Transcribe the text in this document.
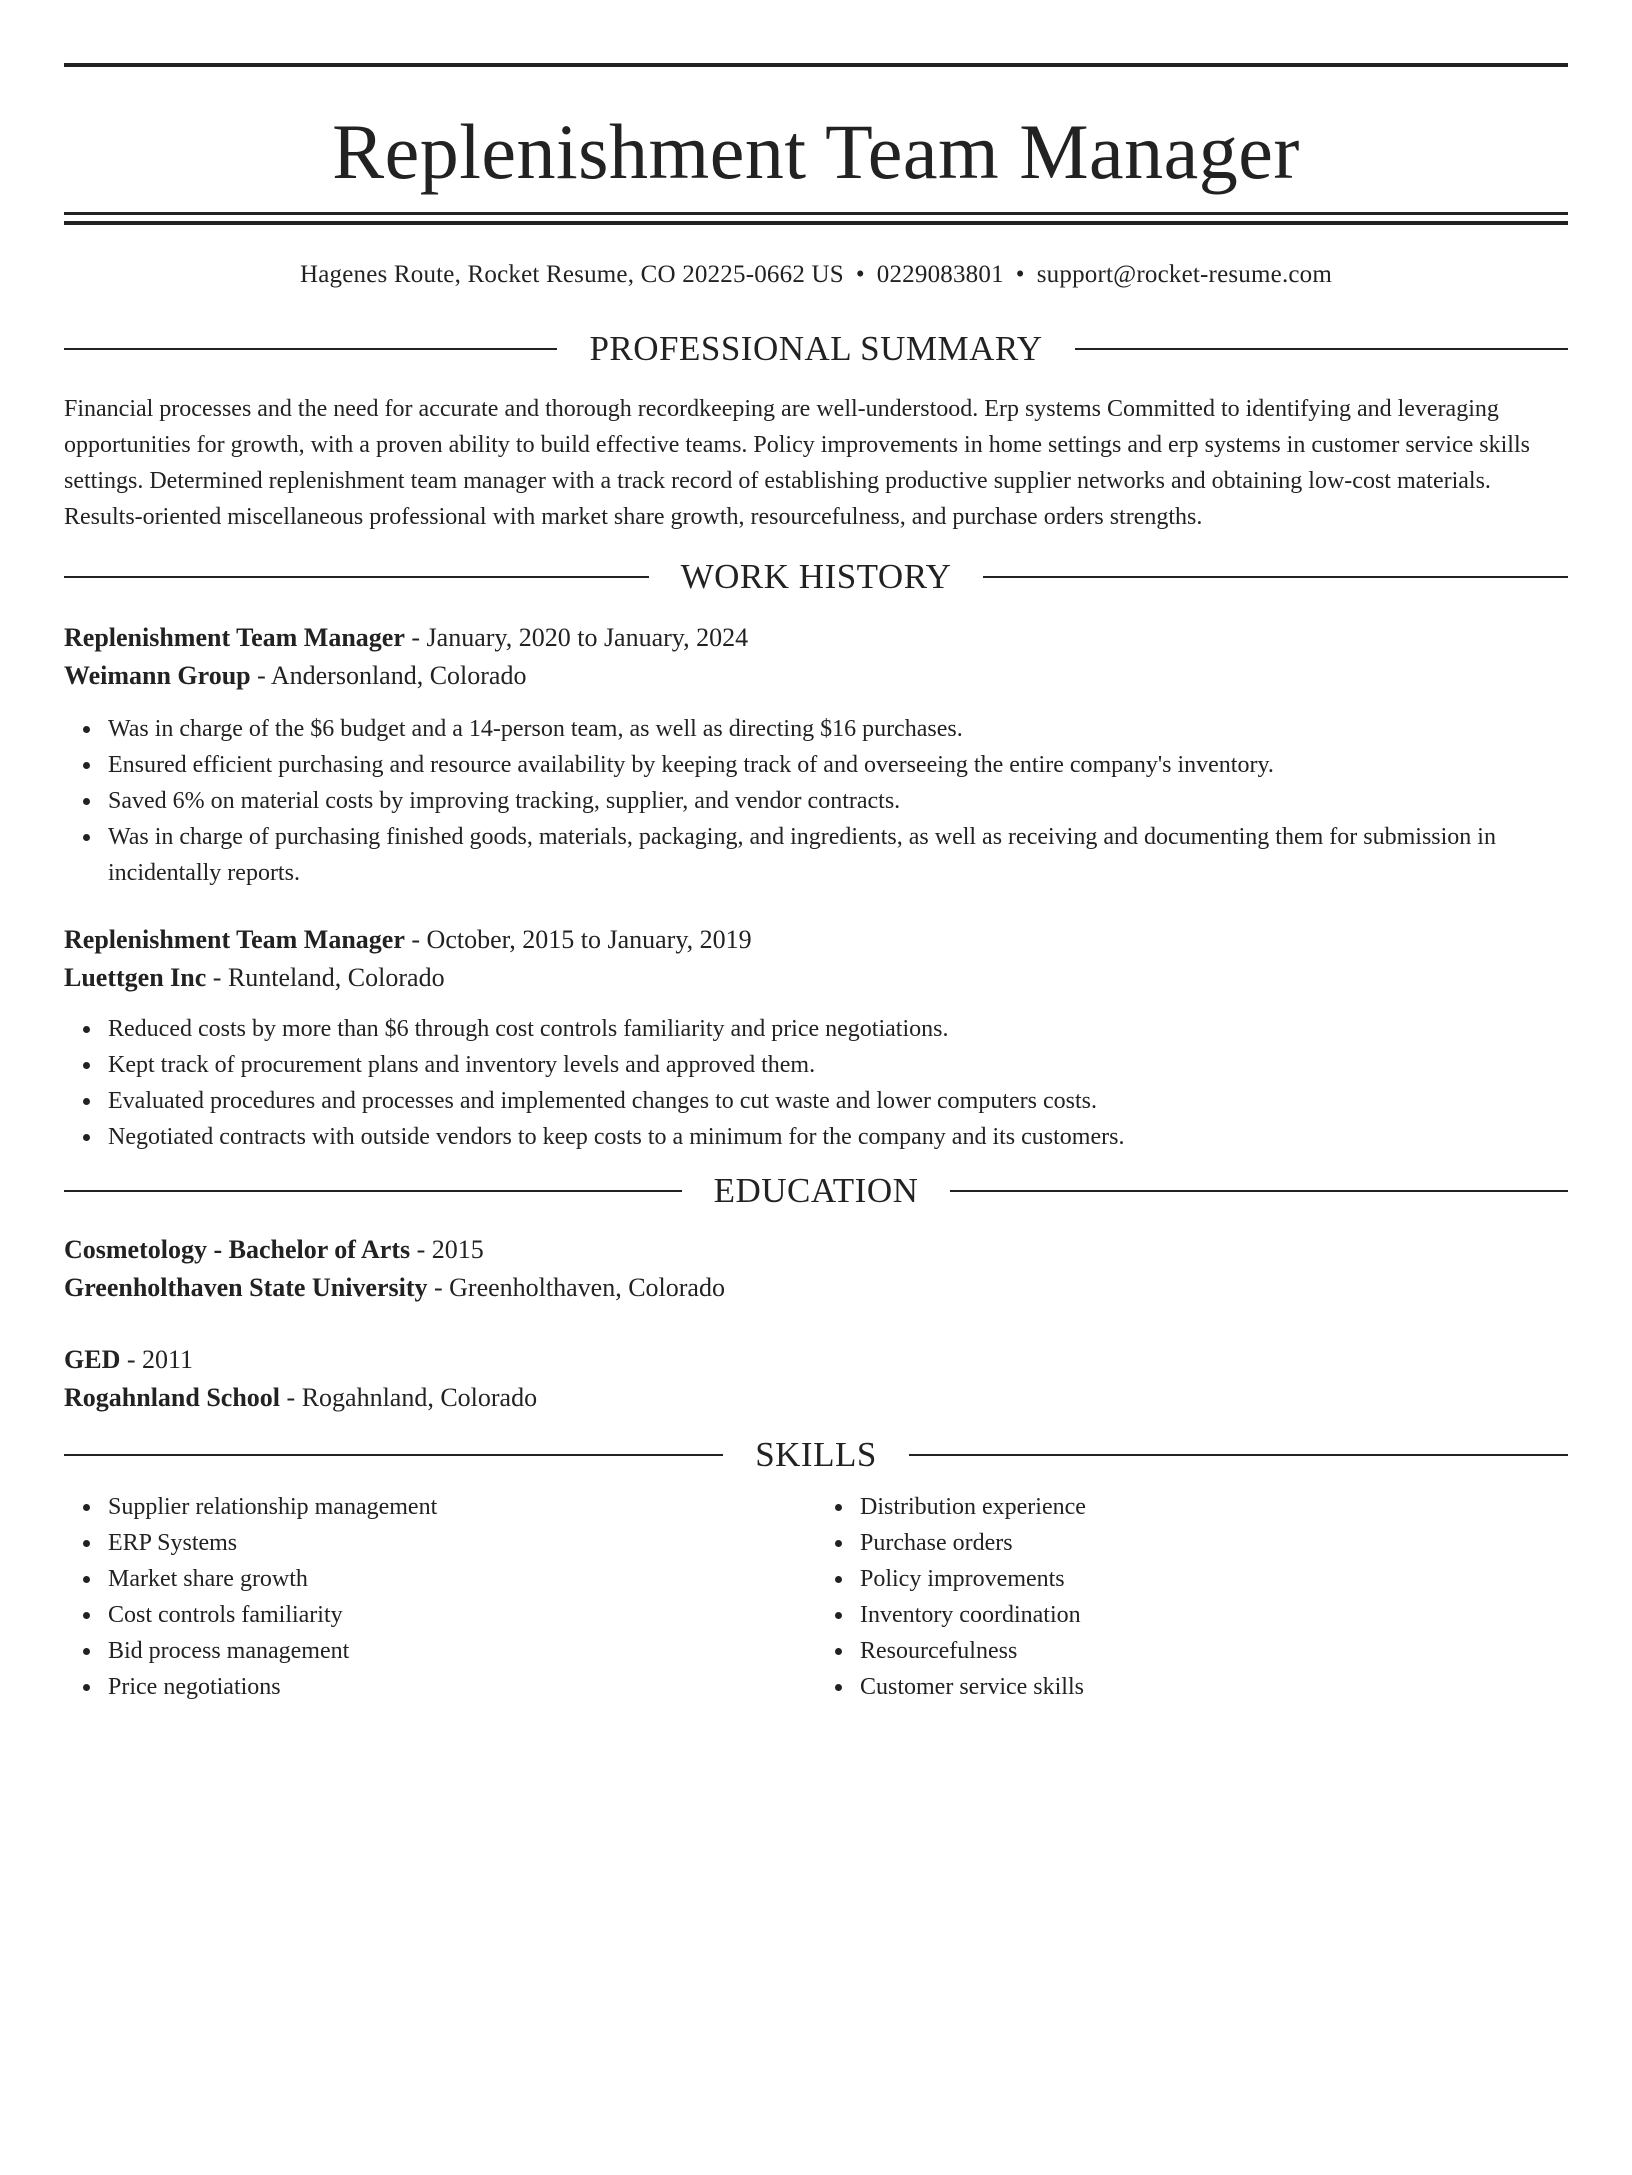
Replenishment Team Manager
Hagenes Route, Rocket Resume, CO 20225-0662 US • 0229083801 • support@rocket-resume.com
PROFESSIONAL SUMMARY

Financial processes and the need for accurate and thorough recordkeeping are well-understood. Erp systems Committed to identifying and leveraging opportunities for growth, with a proven ability to build effective teams. Policy improvements in home settings and erp systems in customer service skills settings. Determined replenishment team manager with a track record of establishing productive supplier networks and obtaining low-cost materials. Results-oriented miscellaneous professional with market share growth, resourcefulness, and purchase orders strengths.

WORK HISTORY

Replenishment Team Manager - January, 2020 to January, 2024

Weimann Group - Andersonland, Colorado

Was in charge of the $6 budget and a 14-person team, as well as directing $16 purchases.
Ensured efficient purchasing and resource availability by keeping track of and overseeing the entire company's inventory.
Saved 6% on material costs by improving tracking, supplier, and vendor contracts.
Was in charge of purchasing finished goods, materials, packaging, and ingredients, as well as receiving and documenting them for submission in incidentally reports.

Replenishment Team Manager - October, 2015 to January, 2019

Luettgen Inc - Runteland, Colorado

Reduced costs by more than $6 through cost controls familiarity and price negotiations.
Kept track of procurement plans and inventory levels and approved them.
Evaluated procedures and processes and implemented changes to cut waste and lower computers costs.
Negotiated contracts with outside vendors to keep costs to a minimum for the company and its customers.
EDUCATION

Cosmetology - Bachelor of Arts - 2015

Greenholthaven State University - Greenholthaven, Colorado

GED - 2011

Rogahnland School - Rogahnland, Colorado

SKILLS
Supplier relationship management
ERP Systems
Market share growth
Cost controls familiarity
Bid process management
Price negotiations
Distribution experience
Purchase orders
Policy improvements
Inventory coordination
Resourcefulness
Customer service skills
